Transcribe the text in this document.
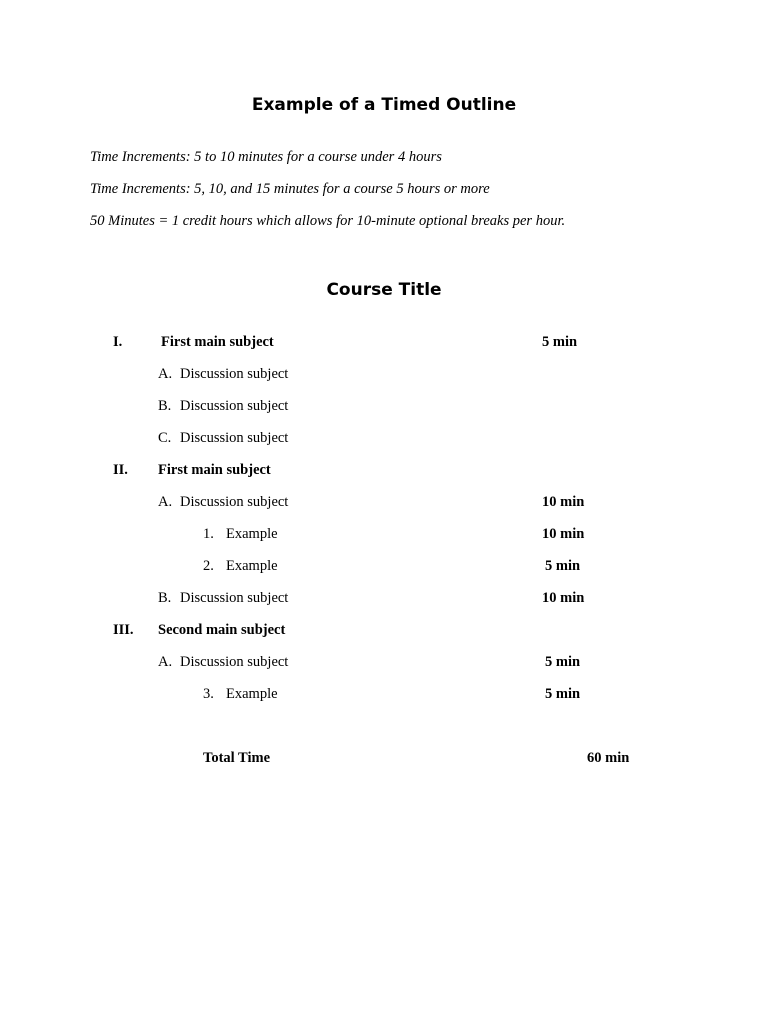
Example of a Timed Outline

Time Increments: 5 to 10 minutes for a course under 4 hours

Time Increments: 5, 10, and 15 minutes for a course 5 hours or more

50 Minutes = 1 credit hours which allows for 10-minute optional breaks per hour.

Course Title
I.	First main subject	5 min
A. Discussion subject
B. Discussion subject
C. Discussion subject
II. First main subject
A. Discussion subject	10 min
1. Example	10 min
2. Example	5 min
B. Discussion subject	10 min
III. Second main subject
A. Discussion subject	5 min
3. Example	5 min
Total Time	60 min
